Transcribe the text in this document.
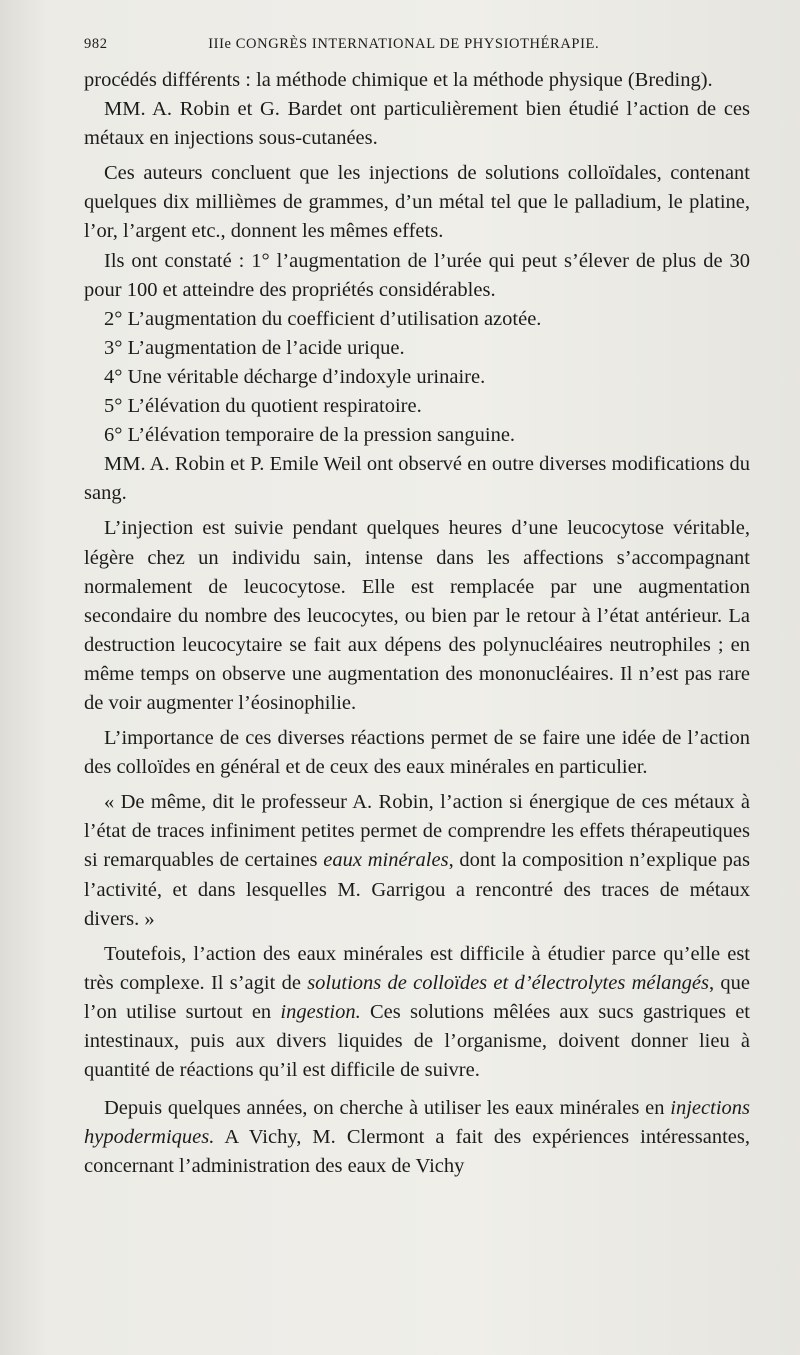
982	IIIe CONGRÈS INTERNATIONAL DE PHYSIOTHÉRAPIE.

procédés différents : la méthode chimique et la méthode physique (Breding).

MM. A. Robin et G. Bardet ont particulièrement bien étudié l’action de ces métaux en injections sous-cutanées.

Ces auteurs concluent que les injections de solutions colloïdales, contenant quelques dix millièmes de grammes, d’un métal tel que le palladium, le platine, l’or, l’argent etc., donnent les mêmes effets.

Ils ont constaté : 1° l’augmentation de l’urée qui peut s’élever de plus de 30 pour 100 et atteindre des propriétés considérables.

2° L’augmentation du coefficient d’utilisation azotée.

3° L’augmentation de l’acide urique.

4° Une véritable décharge d’indoxyle urinaire.

5° L’élévation du quotient respiratoire.

6° L’élévation temporaire de la pression sanguine.

MM. A. Robin et P. Emile Weil ont observé en outre diverses modifications du sang.

L’injection est suivie pendant quelques heures d’une leucocytose véritable, légère chez un individu sain, intense dans les affections s’accompagnant normalement de leucocytose. Elle est remplacée par une augmentation secondaire du nombre des leucocytes, ou bien par le retour à l’état antérieur. La destruction leucocytaire se fait aux dépens des polynucléaires neutrophiles ; en même temps on observe une augmentation des mononucléaires. Il n’est pas rare de voir augmenter l’éosinophilie.

L’importance de ces diverses réactions permet de se faire une idée de l’action des colloïdes en général et de ceux des eaux minérales en particulier.

« De même, dit le professeur A. Robin, l’action si énergique de ces métaux à l’état de traces infiniment petites permet de comprendre les effets thérapeutiques si remarquables de certaines eaux minérales, dont la composition n’explique pas l’activité, et dans lesquelles M. Garrigou a rencontré des traces de métaux divers. »

Toutefois, l’action des eaux minérales est difficile à étudier parce qu’elle est très complexe. Il s’agit de solutions de colloïdes et d’électrolytes mélangés, que l’on utilise surtout en ingestion. Ces solutions mêlées aux sucs gastriques et intestinaux, puis aux divers liquides de l’organisme, doivent donner lieu à quantité de réactions qu’il est difficile de suivre.

Depuis quelques années, on cherche à utiliser les eaux minérales en injections hypodermiques. A Vichy, M. Clermont a fait des expériences intéressantes, concernant l’administration des eaux de Vichy
